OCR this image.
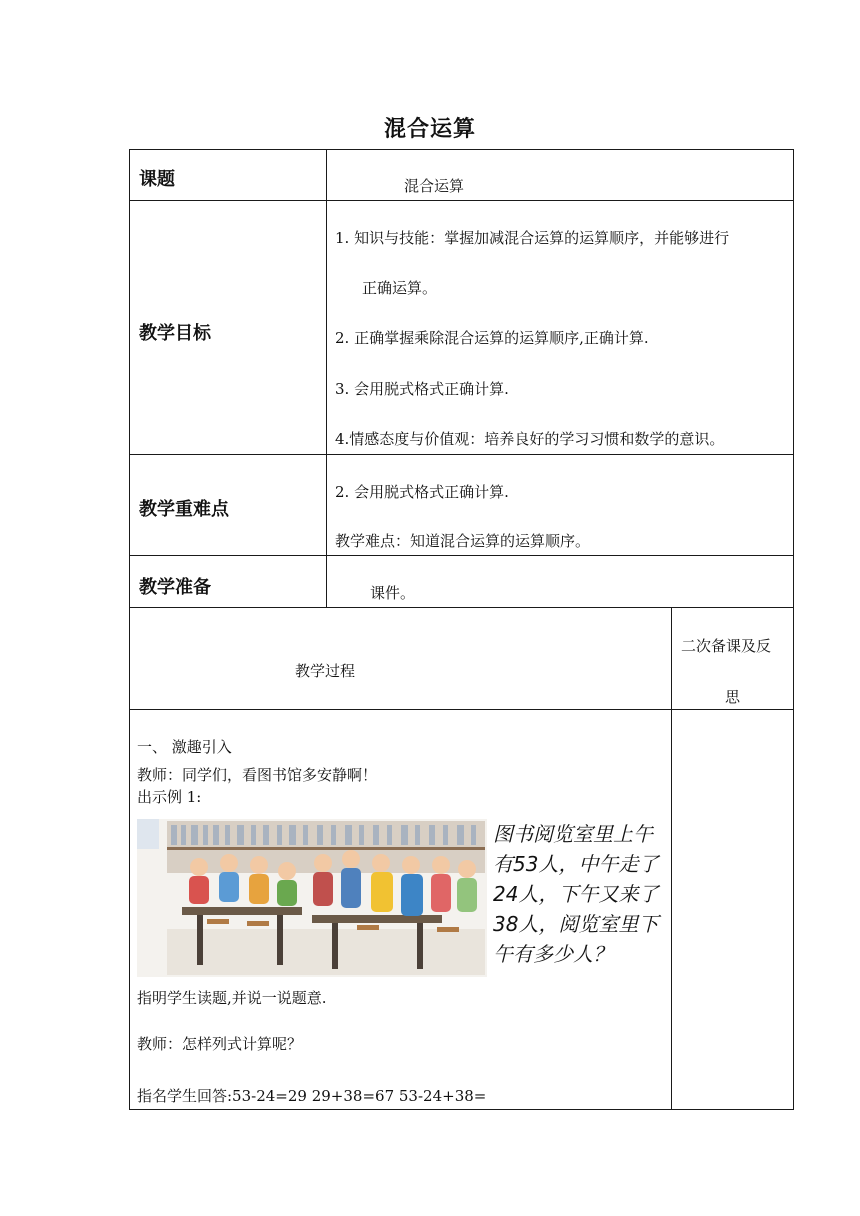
混合运算
课题	混合运算
教学目标
1. 知识与技能：掌握加减混合运算的运算顺序，并能够进行
正确运算。
2. 正确掌握乘除混合运算的运算顺序,正确计算.
3. 会用脱式格式正确计算.
4.情感态度与价值观：培养良好的学习习惯和数学的意识。
教学重难点
2. 会用脱式格式正确计算.
教学难点：知道混合运算的运算顺序。
教学准备	课件。
教学过程
二次备课及反
思
一、 激趣引入
教师：同学们，看图书馆多安静啊！
出示例 1:
图书阅览室里上午
有53人，中午走了
24人，下午又来了
38人，阅览室里下
午有多少人？
指明学生读题,并说一说题意.
教师：怎样列式计算呢？
指名学生回答:53-24=29 29+38=67 53-24+38=
